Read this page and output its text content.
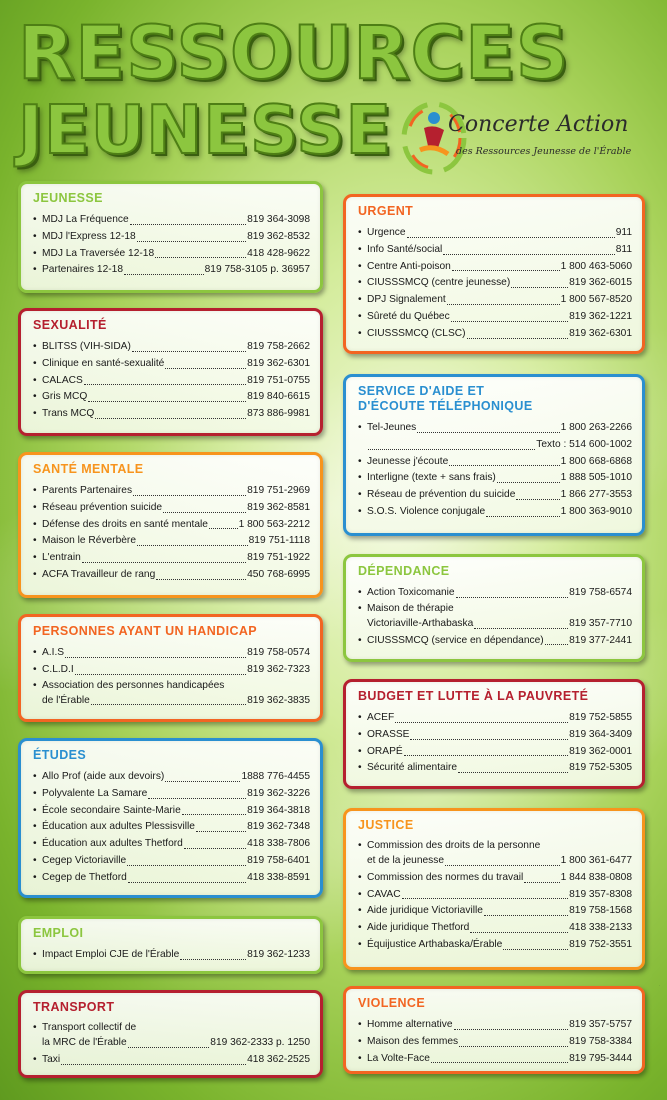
RESSOURCES
JEUNESSE	Concerte Action
des Ressources Jeunesse de l'Érable
JEUNESSE
• MDJ La Fréquence	819 364-3098
• MDJ l'Express 12-18	819 362-8532
• MDJ La Traversée 12-18	418 428-9622
• Partenaires 12-18	819 758-3105 p. 36957
SEXUALITÉ
• BLITSS (VIH-SIDA)	819 758-2662
• Clinique en santé-sexualité	819 362-6301
• CALACS	819 751-0755
• Gris MCQ	819 840-6615
• Trans MCQ	873 886-9981
SANTÉ MENTALE
• Parents Partenaires	819 751-2969
• Réseau prévention suicide	819 362-8581
• Défense des droits en santé mentale	1 800 563-2212
• Maison le Réverbère	819 751-1118
• L'entrain	819 751-1922
• ACFA Travailleur de rang	450 768-6995
PERSONNES AYANT UN HANDICAP
• A.I.S	819 758-0574
• C.L.D.I	819 362-7323
• Association des personnes handicapées
de l'Érable	819 362-3835
ÉTUDES
• Allo Prof (aide aux devoirs)	1888 776-4455
• Polyvalente La Samare	819 362-3226
• École secondaire Sainte-Marie	819 364-3818
• Éducation aux adultes Plessisville	819 362-7348
• Éducation aux adultes Thetford	418 338-7806
• Cegep Victoriaville	819 758-6401
• Cegep de Thetford	418 338-8591
EMPLOI
• Impact Emploi CJE de l'Érable	819 362-1233
TRANSPORT
• Transport collectif de
la MRC de l'Érable	819 362-2333 p. 1250
• Taxi	418 362-2525
URGENT
• Urgence	911
• Info Santé/social	811
• Centre Anti-poison	1 800 463-5060
• CIUSSSMCQ (centre jeunesse)	819 362-6015
• DPJ Signalement	1 800 567-8520
• Sûreté du Québec	819 362-1221
• CIUSSSMCQ (CLSC)	819 362-6301
SERVICE D'AIDE ET
D'ÉCOUTE TÉLÉPHONIQUE
• Tel-Jeunes	1 800 263-2266
Texto : 514 600-1002
• Jeunesse j'écoute	1 800 668-6868
• Interligne (texte + sans frais)	1 888 505-1010
• Réseau de prévention du suicide	1 866 277-3553
• S.O.S. Violence conjugale	1 800 363-9010
DÉPENDANCE
• Action Toxicomanie	819 758-6574
• Maison de thérapie
Victoriaville-Arthabaska	819 357-7710
• CIUSSSMCQ (service en dépendance) 819 377-2441
BUDGET ET LUTTE À LA PAUVRETÉ
• ACEF	819 752-5855
• ORASSE	819 364-3409
• ORAPÉ	819 362-0001
• Sécurité alimentaire	819 752-5305
JUSTICE
• Commission des droits de la personne
et de la jeunesse	1 800 361-6477
• Commission des normes du travail	1 844 838-0808
• CAVAC	819 357-8308
• Aide juridique Victoriaville	819 758-1568
• Aide juridique Thetford	418 338-2133
• Équijustice Arthabaska/Érable	819 752-3551
VIOLENCE
• Homme alternative	819 357-5757
• Maison des femmes	819 758-3384
• La Volte-Face	819 795-3444
·
